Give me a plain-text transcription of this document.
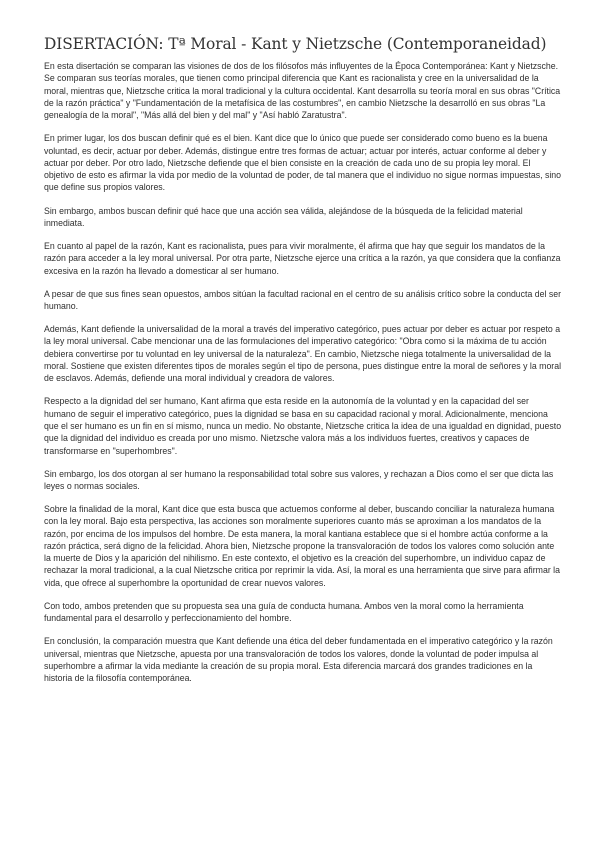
DISERTACIÓN: Tª Moral - Kant y Nietzsche (Contemporaneidad)

En esta disertación se comparan las visiones de dos de los filósofos más influyentes de la Época Contemporánea: Kant y Nietzsche. Se comparan sus teorías morales, que tienen como principal diferencia que Kant es racionalista y cree en la universalidad de la moral, mientras que, Nietzsche critica la moral tradicional y la cultura occidental. Kant desarrolla su teoría moral en sus obras "Crítica de la razón práctica" y "Fundamentación de la metafísica de las costumbres", en cambio Nietzsche la desarrolló en sus obras "La genealogía de la moral", "Más allá del bien y del mal" y "Así habló Zaratustra".

En primer lugar, los dos buscan definir qué es el bien. Kant dice que lo único que puede ser considerado como bueno es la buena voluntad, es decir, actuar por deber. Además, distingue entre tres formas de actuar; actuar por interés, actuar conforme al deber y actuar por deber. Por otro lado, Nietzsche defiende que el bien consiste en la creación de cada uno de su propia ley moral. El objetivo de esto es afirmar la vida por medio de la voluntad de poder, de tal manera que el individuo no sigue normas impuestas, sino que define sus propios valores.

Sin embargo, ambos buscan definir qué hace que una acción sea válida, alejándose de la búsqueda de la felicidad material inmediata.

En cuanto al papel de la razón, Kant es racionalista, pues para vivir moralmente, él afirma que hay que seguir los mandatos de la razón para acceder a la ley moral universal. Por otra parte, Nietzsche ejerce una crítica a la razón, ya que considera que la confianza excesiva en la razón ha llevado a domesticar al ser humano.

A pesar de que sus fines sean opuestos, ambos sitúan la facultad racional en el centro de su análisis crítico sobre la conducta del ser humano.

Además, Kant defiende la universalidad de la moral a través del imperativo categórico, pues actuar por deber es actuar por respeto a la ley moral universal. Cabe mencionar una de las formulaciones del imperativo categórico: "Obra como si la máxima de tu acción debiera convertirse por tu voluntad en ley universal de la naturaleza". En cambio, Nietzsche niega totalmente la universalidad de la moral. Sostiene que existen diferentes tipos de morales según el tipo de persona, pues distingue entre la moral de señores y la moral de esclavos. Además, defiende una moral individual y creadora de valores.

Respecto a la dignidad del ser humano, Kant afirma que esta reside en la autonomía de la voluntad y en la capacidad del ser humano de seguir el imperativo categórico, pues la dignidad se basa en su capacidad racional y moral. Adicionalmente, menciona que el ser humano es un fin en sí mismo, nunca un medio. No obstante, Nietzsche critica la idea de una igualdad en dignidad, puesto que la dignidad del individuo es creada por uno mismo. Nietzsche valora más a los individuos fuertes, creativos y capaces de transformarse en "superhombres".

Sin embargo, los dos otorgan al ser humano la responsabilidad total sobre sus valores, y rechazan a Dios como el ser que dicta las leyes o normas sociales.

Sobre la finalidad de la moral, Kant dice que esta busca que actuemos conforme al deber, buscando conciliar la naturaleza humana con la ley moral. Bajo esta perspectiva, las acciones son moralmente superiores cuanto más se aproximan a los mandatos de la razón, por encima de los impulsos del hombre. De esta manera, la moral kantiana establece que si el hombre actúa conforme a la razón práctica, será digno de la felicidad. Ahora bien, Nietzsche propone la transvaloración de todos los valores como solución ante la muerte de Dios y la aparición del nihilismo. En este contexto, el objetivo es la creación del superhombre, un individuo capaz de rechazar la moral tradicional, a la cual Nietzsche critica por reprimir la vida. Así, la moral es una herramienta que sirve para afirmar la vida, que ofrece al superhombre la oportunidad de crear nuevos valores.

Con todo, ambos pretenden que su propuesta sea una guía de conducta humana. Ambos ven la moral como la herramienta fundamental para el desarrollo y perfeccionamiento del hombre.

En conclusión, la comparación muestra que Kant defiende una ética del deber fundamentada en el imperativo categórico y la razón universal, mientras que Nietzsche, apuesta por una transvaloración de todos los valores, donde la voluntad de poder impulsa al superhombre a afirmar la vida mediante la creación de su propia moral. Esta diferencia marcará dos grandes tradiciones en la historia de la filosofía contemporánea.
